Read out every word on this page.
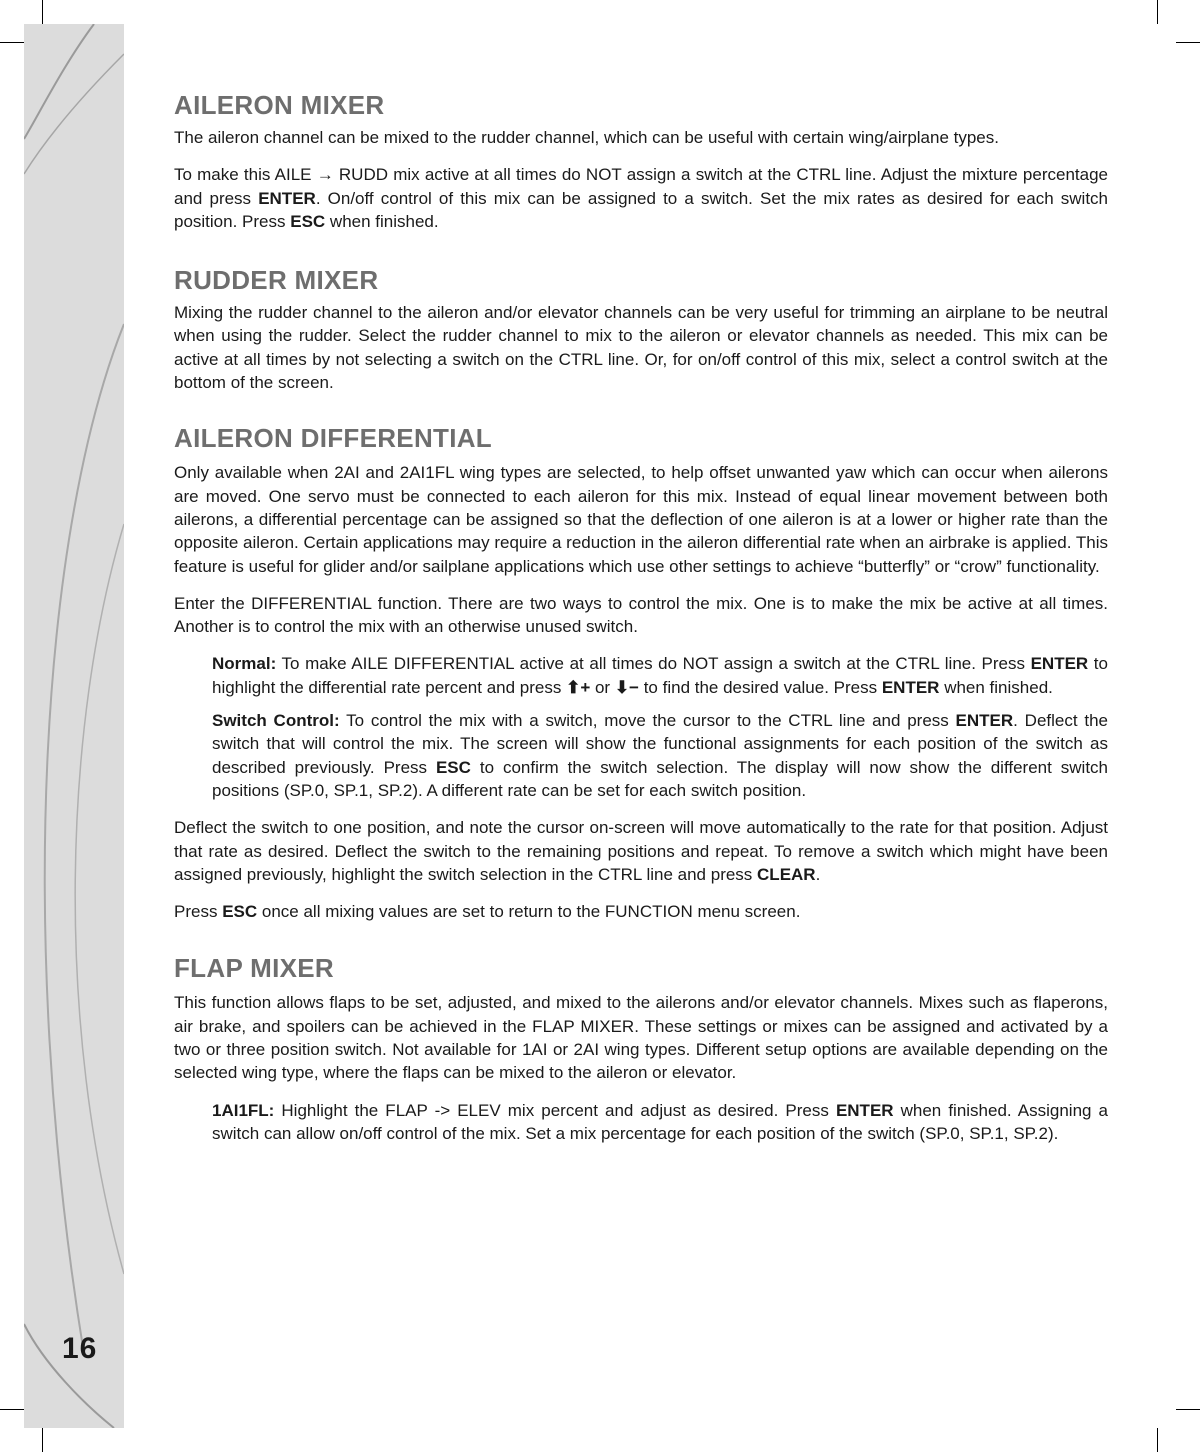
16
AILERON MIXER

The aileron channel can be mixed to the rudder channel, which can be useful with certain wing/airplane types.

To make this AILE → RUDD mix active at all times do NOT assign a switch at the CTRL line. Adjust the mixture percentage and press ENTER. On/off control of this mix can be assigned to a switch. Set the mix rates as desired for each switch position. Press ESC when finished.

RUDDER MIXER

Mixing the rudder channel to the aileron and/or elevator channels can be very useful for trimming an airplane to be neutral when using the rudder. Select the rudder channel to mix to the aileron or elevator channels as needed. This mix can be active at all times by not selecting a switch on the CTRL line. Or, for on/off control of this mix, select a control switch at the bottom of the screen.

AILERON DIFFERENTIAL

Only available when 2AI and 2AI1FL wing types are selected, to help offset unwanted yaw which can occur when ailerons are moved. One servo must be connected to each aileron for this mix. Instead of equal linear movement between both ailerons, a differential percentage can be assigned so that the deflection of one aileron is at a lower or higher rate than the opposite aileron. Certain applications may require a reduction in the aileron differential rate when an airbrake is applied. This feature is useful for glider and/or sailplane applications which use other settings to achieve “butterfly” or “crow” functionality.

Enter the DIFFERENTIAL function. There are two ways to control the mix. One is to make the mix be active at all times. Another is to control the mix with an otherwise unused switch.

Normal: To make AILE DIFFERENTIAL active at all times do NOT assign a switch at the CTRL line. Press ENTER to highlight the differential rate percent and press ⬆+ or ⬇− to find the desired value. Press ENTER when finished.

Switch Control: To control the mix with a switch, move the cursor to the CTRL line and press ENTER. Deflect the switch that will control the mix. The screen will show the functional assignments for each position of the switch as described previously. Press ESC to confirm the switch selection. The display will now show the different switch positions (SP.0, SP.1, SP.2). A different rate can be set for each switch position.

Deflect the switch to one position, and note the cursor on-screen will move automatically to the rate for that position. Adjust that rate as desired. Deflect the switch to the remaining positions and repeat. To remove a switch which might have been assigned previously, highlight the switch selection in the CTRL line and press CLEAR.

Press ESC once all mixing values are set to return to the FUNCTION menu screen.

FLAP MIXER

This function allows flaps to be set, adjusted, and mixed to the ailerons and/or elevator channels. Mixes such as flaperons, air brake, and spoilers can be achieved in the FLAP MIXER. These settings or mixes can be assigned and activated by a two or three position switch. Not available for 1AI or 2AI wing types. Different setup options are available depending on the selected wing type, where the flaps can be mixed to the aileron or elevator.

1AI1FL: Highlight the FLAP -> ELEV mix percent and adjust as desired. Press ENTER when finished. Assigning a switch can allow on/off control of the mix. Set a mix percentage for each position of the switch (SP.0, SP.1, SP.2).
